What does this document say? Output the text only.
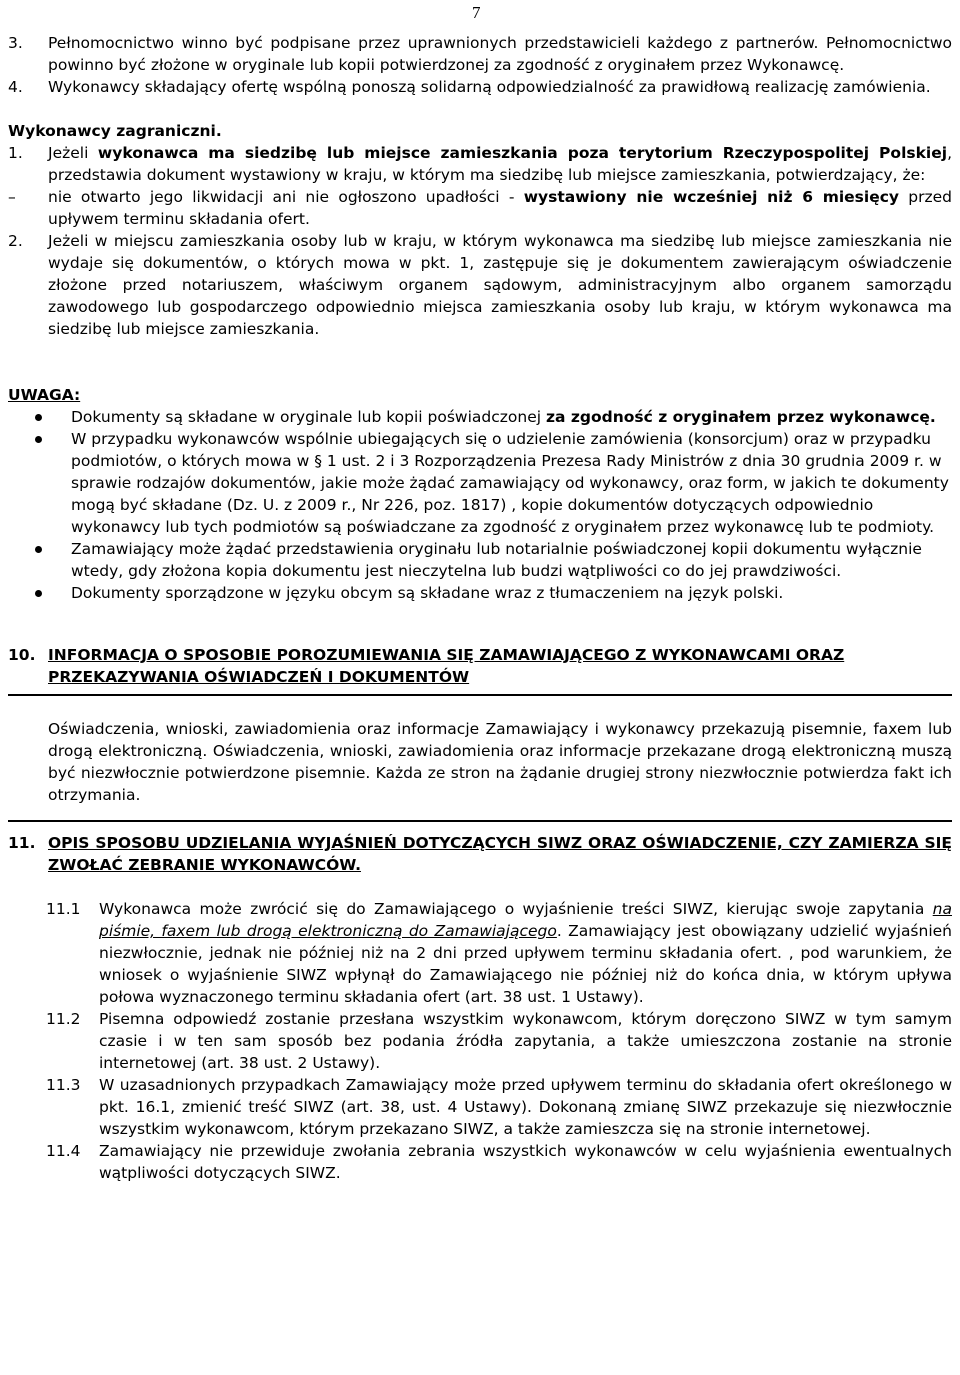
7
3.	Pełnomocnictwo winno być podpisane przez uprawnionych przedstawicieli każdego z partnerów. Pełnomocnictwo powinno być złożone w oryginale lub kopii potwierdzonej za zgodność z oryginałem przez Wykonawcę.
4.	Wykonawcy składający ofertę wspólną ponoszą solidarną odpowiedzialność za prawidłową realizację zamówienia.

Wykonawcy zagraniczni.

1.	Jeżeli wykonawca ma siedzibę lub miejsce zamieszkania poza terytorium Rzeczypospolitej Polskiej, przedstawia dokument wystawiony w kraju, w którym ma siedzibę lub miejsce zamieszkania, potwierdzający, że:
–	nie otwarto jego likwidacji ani nie ogłoszono upadłości - wystawiony nie wcześniej niż 6 miesięcy przed upływem terminu składania ofert.
2.	Jeżeli w miejscu zamieszkania osoby lub w kraju, w którym wykonawca ma siedzibę lub miejsce zamieszkania nie wydaje się dokumentów, o których mowa w pkt. 1, zastępuje się je dokumentem zawierającym oświadczenie złożone przed notariuszem, właściwym organem sądowym, administracyjnym albo organem samorządu zawodowego lub gospodarczego odpowiednio miejsca zamieszkania osoby lub kraju, w którym wykonawca ma siedzibę lub miejsce zamieszkania.

UWAGA:

Dokumenty są składane w oryginale lub kopii poświadczonej za zgodność z oryginałem przez wykonawcę.
W przypadku wykonawców wspólnie ubiegających się o udzielenie zamówienia (konsorcjum) oraz w przypadku podmiotów, o których mowa w § 1 ust. 2 i 3 Rozporządzenia Prezesa Rady Ministrów z dnia 30 grudnia 2009 r. w sprawie rodzajów dokumentów, jakie może żądać zamawiający od wykonawcy, oraz form, w jakich te dokumenty mogą być składane (Dz. U. z 2009 r., Nr 226, poz. 1817) , kopie dokumentów dotyczących odpowiednio wykonawcy lub tych podmiotów są poświadczane za zgodność z oryginałem przez wykonawcę lub te podmioty.
Zamawiający może żądać przedstawienia oryginału lub notarialnie poświadczonej kopii dokumentu wyłącznie wtedy, gdy złożona kopia dokumentu jest nieczytelna lub budzi wątpliwości co do jej prawdziwości.
Dokumenty sporządzone w języku obcym są składane wraz z tłumaczeniem na język polski.
10. INFORMACJA O SPOSOBIE POROZUMIEWANIA SIĘ ZAMAWIAJĄCEGO Z WYKONAWCAMI ORAZ PRZEKAZYWANIA OŚWIADCZEŃ I DOKUMENTÓW

Oświadczenia, wnioski, zawiadomienia oraz informacje Zamawiający i wykonawcy przekazują pisemnie, faxem lub drogą elektroniczną. Oświadczenia, wnioski, zawiadomienia oraz informacje przekazane drogą elektroniczną muszą być niezwłocznie potwierdzone pisemnie. Każda ze stron na żądanie drugiej strony niezwłocznie potwierdza fakt ich otrzymania.

11. OPIS SPOSOBU UDZIELANIA WYJAŚNIEŃ DOTYCZĄCYCH SIWZ ORAZ OŚWIADCZENIE, CZY ZAMIERZA SIĘ ZWOŁAĆ ZEBRANIE WYKONAWCÓW.
11.1	Wykonawca może zwrócić się do Zamawiającego o wyjaśnienie treści SIWZ, kierując swoje zapytania na piśmie, faxem lub drogą elektroniczną do Zamawiającego. Zamawiający jest obowiązany udzielić wyjaśnień niezwłocznie, jednak nie później niż na 2 dni przed upływem terminu składania ofert. , pod warunkiem, że wniosek o wyjaśnienie SIWZ wpłynął do Zamawiającego nie później niż do końca dnia, w którym upływa połowa wyznaczonego terminu składania ofert (art. 38 ust. 1 Ustawy).
11.2	Pisemna odpowiedź zostanie przesłana wszystkim wykonawcom, którym doręczono SIWZ w tym samym czasie i w ten sam sposób bez podania źródła zapytania, a także umieszczona zostanie na stronie internetowej (art. 38 ust. 2 Ustawy).
11.3	W uzasadnionych przypadkach Zamawiający może przed upływem terminu do składania ofert określonego w pkt. 16.1, zmienić treść SIWZ (art. 38, ust. 4 Ustawy). Dokonaną zmianę SIWZ przekazuje się niezwłocznie wszystkim wykonawcom, którym przekazano SIWZ, a także zamieszcza się na stronie internetowej.
11.4	Zamawiający nie przewiduje zwołania zebrania wszystkich wykonawców w celu wyjaśnienia ewentualnych wątpliwości dotyczących SIWZ.
